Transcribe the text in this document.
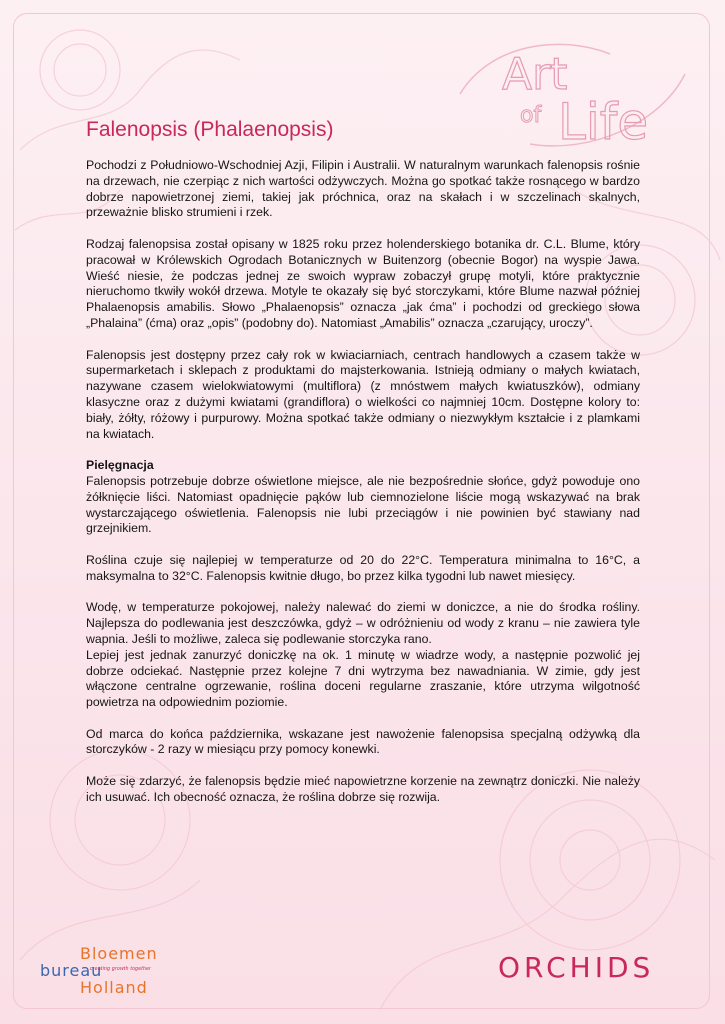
Art
of Life
Falenopsis (Phalaenopsis)

Pochodzi z Południowo-Wschodniej Azji, Filipin i Australii. W naturalnym warunkach falenopsis rośnie na drzewach, nie czerpiąc z nich wartości odżywczych. Można go spotkać także rosnącego w bardzo dobrze napowietrzonej ziemi, takiej jak próchnica, oraz na skałach i w szczelinach skalnych, przeważnie blisko strumieni i rzek.

Rodzaj falenopsisa został opisany w 1825 roku przez holenderskiego botanika dr. C.L. Blume, który pracował w Królewskich Ogrodach Botanicznych w Buitenzorg (obecnie Bogor) na wyspie Jawa. Wieść niesie, że podczas jednej ze swoich wypraw zobaczył grupę motyli, które praktycznie nieruchomo tkwiły wokół drzewa. Motyle te okazały się być storczykami, które Blume nazwał później Phalaenopsis amabilis. Słowo „Phalaenopsis” oznacza „jak ćma” i pochodzi od greckiego słowa „Phalaina” (ćma) oraz „opis” (podobny do). Natomiast „Amabilis” oznacza „czarujący, uroczy”.

Falenopsis jest dostępny przez cały rok w kwiaciarniach, centrach handlowych a czasem także w supermarketach i sklepach z produktami do majsterkowania. Istnieją odmiany o małych kwiatach, nazywane czasem wielokwiatowymi (multiflora) (z mnóstwem małych kwiatuszków), odmiany klasyczne oraz z dużymi kwiatami (grandiflora) o wielkości co najmniej 10cm. Dostępne kolory to: biały, żółty, różowy i purpurowy. Można spotkać także odmiany o niezwykłym kształcie i z plamkami na kwiatach.

Pielęgnacja

Falenopsis potrzebuje dobrze oświetlone miejsce, ale nie bezpośrednie słońce, gdyż powoduje ono żółknięcie liści. Natomiast opadnięcie pąków lub ciemnozielone liście mogą wskazywać na brak wystarczającego oświetlenia. Falenopsis nie lubi przeciągów i nie powinien być stawiany nad grzejnikiem.

Roślina czuje się najlepiej w temperaturze od 20 do 22°C. Temperatura minimalna to 16°C, a maksymalna to 32°C. Falenopsis kwitnie długo, bo przez kilka tygodni lub nawet miesięcy.

Wodę, w temperaturze pokojowej, należy nalewać do ziemi w doniczce, a nie do środka rośliny. Najlepsza do podlewania jest deszczówka, gdyż – w odróżnieniu od wody z kranu – nie zawiera tyle wapnia. Jeśli to możliwe, zaleca się podlewanie storczyka rano.

Lepiej jest jednak zanurzyć doniczkę na ok. 1 minutę w wiadrze wody, a następnie pozwolić jej dobrze odciekać. Następnie przez kolejne 7 dni wytrzyma bez nawadniania. W zimie, gdy jest włączone centralne ogrzewanie, roślina doceni regularne zraszanie, które utrzyma wilgotność powietrza na odpowiednim poziomie.

Od marca do końca października, wskazane jest nawożenie falenopsisa specjalną odżywką dla storczyków - 2 razy w miesiącu przy pomocy konewki.

Może się zdarzyć, że falenopsis będzie mieć napowietrzne korzenie na zewnątrz doniczki. Nie należy ich usuwać. Ich obecność oznacza, że roślina dobrze się rozwija.

Bloemen
bureau
creating growth together
Holland
ORCHIDS
